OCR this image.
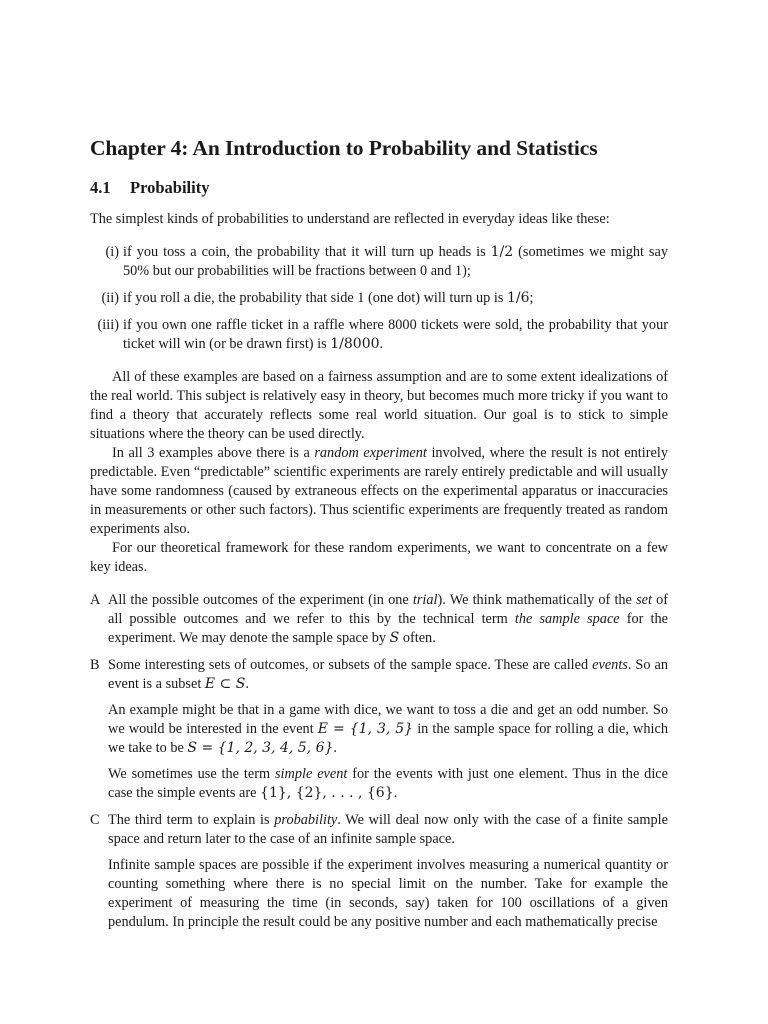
Chapter 4: An Introduction to Probability and Statistics
4.1 Probability

The simplest kinds of probabilities to understand are reflected in everyday ideas like these:

(i) if you toss a coin, the probability that it will turn up heads is 1/2 (sometimes we might say 50% but our probabilities will be fractions between 0 and 1);
(ii) if you roll a die, the probability that side 1 (one dot) will turn up is 1/6;
(iii) if you own one raffle ticket in a raffle where 8000 tickets were sold, the probability that your ticket will win (or be drawn first) is 1/8000.

All of these examples are based on a fairness assumption and are to some extent idealizations of the real world. This subject is relatively easy in theory, but becomes much more tricky if you want to find a theory that accurately reflects some real world situation. Our goal is to stick to simple situations where the theory can be used directly.

In all 3 examples above there is a random experiment involved, where the result is not entirely predictable. Even “predictable” scientific experiments are rarely entirely predictable and will usually have some randomness (caused by extraneous effects on the experimental apparatus or inaccuracies in measurements or other such factors). Thus scientific experiments are frequently treated as random experiments also.

For our theoretical framework for these random experiments, we want to concentrate on a few key ideas.

A All the possible outcomes of the experiment (in one trial). We think mathematically of the set of all possible outcomes and we refer to this by the technical term the sample space for the experiment. We may denote the sample space by S often.

B Some interesting sets of outcomes, or subsets of the sample space. These are called events. So an event is a subset E ⊂ S.

An example might be that in a game with dice, we want to toss a die and get an odd number. So we would be interested in the event E = {1, 3, 5} in the sample space for rolling a die, which we take to be S = {1, 2, 3, 4, 5, 6}.

We sometimes use the term simple event for the events with just one element. Thus in the dice case the simple events are {1}, {2}, . . . , {6}.

C The third term to explain is probability. We will deal now only with the case of a finite sample space and return later to the case of an infinite sample space.

Infinite sample spaces are possible if the experiment involves measuring a numerical quantity or counting something where there is no special limit on the number. Take for example the experiment of measuring the time (in seconds, say) taken for 100 oscillations of a given pendulum. In principle the result could be any positive number and each mathematically precise
